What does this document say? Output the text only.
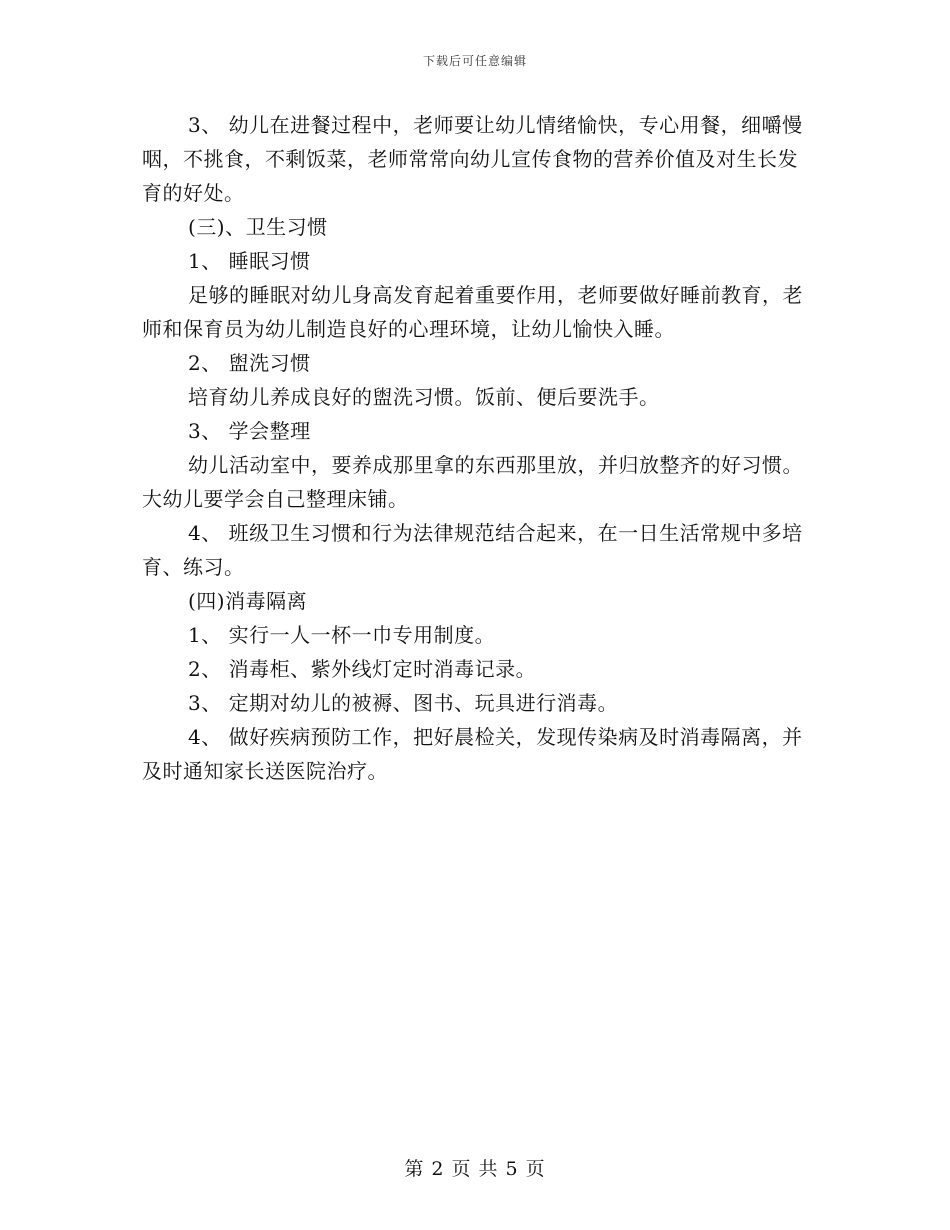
下载后可任意编辑

3、 幼儿在进餐过程中，老师要让幼儿情绪愉快，专心用餐，细嚼慢咽，不挑食，不剩饭菜，老师常常向幼儿宣传食物的营养价值及对生长发育的好处。

(三)、卫生习惯

1、 睡眠习惯

足够的睡眠对幼儿身高发育起着重要作用，老师要做好睡前教育，老师和保育员为幼儿制造良好的心理环境，让幼儿愉快入睡。

2、 盥洗习惯

培育幼儿养成良好的盥洗习惯。饭前、便后要洗手。

3、 学会整理

幼儿活动室中，要养成那里拿的东西那里放，并归放整齐的好习惯。大幼儿要学会自己整理床铺。

4、 班级卫生习惯和行为法律规范结合起来，在一日生活常规中多培育、练习。

(四)消毒隔离

1、 实行一人一杯一巾专用制度。

2、 消毒柜、紫外线灯定时消毒记录。

3、 定期对幼儿的被褥、图书、玩具进行消毒。

4、 做好疾病预防工作，把好晨检关，发现传染病及时消毒隔离，并及时通知家长送医院治疗。

第 2 页 共 5 页
